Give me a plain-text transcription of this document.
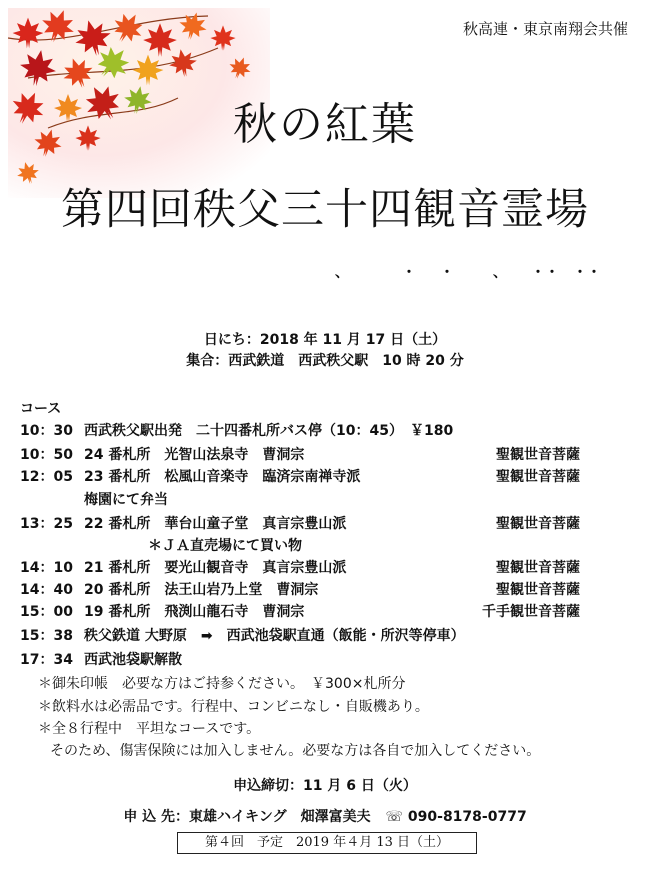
秋高連・東京南翔会共催
秋の紅葉
第四回秩父三十四観音霊場
、	・ ・	、 ・・ ・・
日にち：2018 年 11 月 17 日（土）
集合：西武鉄道　西武秩父駅　10 時 20 分
コース
10：30 西武秩父駅出発　二十四番札所バス停（10：45）　￥180
10：50 24 番札所　光智山法泉寺　曹洞宗	聖観世音菩薩
12：05 23 番札所　松風山音楽寺　臨済宗南禅寺派	聖観世音菩薩
梅園にて弁当
13：25 22 番札所　華台山童子堂　真言宗豊山派	聖観世音菩薩
＊ＪＡ直売場にて買い物
14：10 21 番札所　要光山観音寺　真言宗豊山派	聖観世音菩薩
14：40 20 番札所　法王山岩乃上堂　曹洞宗	聖観世音菩薩
15：00 19 番札所　飛渕山龍石寺　曹洞宗	千手観世音菩薩
15：38 秩父鉄道 大野原　➡　西武池袋駅直通（飯能・所沢等停車）
17：34 西武池袋駅解散
＊御朱印帳　必要な方はご持参ください。　￥300×札所分
＊飲料水は必需品です。行程中、コンビニなし・自販機あり。
＊全８行程中　平坦なコースです。
そのため、傷害保険には加入しません。必要な方は各自で加入してください。
申込締切：11 月 6 日（火）
申 込 先：東雄ハイキング　畑澤富美夫 ☏ 090-8178-0777
第４回　予定　2019 年４月 13 日（土）
